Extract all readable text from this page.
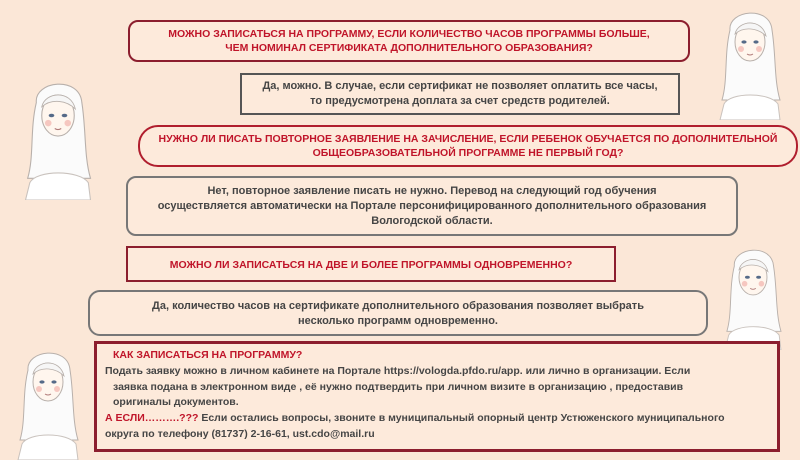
МОЖНО ЗАПИСАТЬСЯ НА ПРОГРАММУ, ЕСЛИ КОЛИЧЕСТВО ЧАСОВ ПРОГРАММЫ БОЛЬШЕ,
ЧЕМ НОМИНАЛ СЕРТИФИКАТА ДОПОЛНИТЕЛЬНОГО ОБРАЗОВАНИЯ?
Да, можно. В случае, если сертификат не позволяет оплатить все часы,
то предусмотрена доплата за счет средств родителей.
НУЖНО ЛИ ПИСАТЬ ПОВТОРНОЕ ЗАЯВЛЕНИЕ НА ЗАЧИСЛЕНИЕ, ЕСЛИ РЕБЕНОК ОБУЧАЕТСЯ ПО ДОПОЛНИТЕЛЬНОЙ
ОБЩЕОБРАЗОВАТЕЛЬНОЙ ПРОГРАММЕ НЕ ПЕРВЫЙ ГОД?
Нет, повторное заявление писать не нужно. Перевод на следующий год обучения
осуществляется автоматически на Портале персонифицированного дополнительного образования
Вологодской области.
МОЖНО ЛИ ЗАПИСАТЬСЯ НА ДВЕ И БОЛЕЕ ПРОГРАММЫ ОДНОВРЕМЕННО?
Да, количество часов на сертификате дополнительного образования позволяет выбрать
несколько программ одновременно.
КАК ЗАПИСАТЬСЯ НА ПРОГРАММУ?
Подать заявку можно в личном кабинете на Портале https://vologda.pfdo.ru/app. или лично в организации. Если
заявка подана в электронном виде , её нужно подтвердить при личном визите в организацию , предоставив
оригиналы документов.
А ЕСЛИ……….??? Если остались вопросы, звоните в муниципальный опорный центр Устюженского муниципального
округа по телефону (81737) 2-16-61, ust.cdo@mail.ru
